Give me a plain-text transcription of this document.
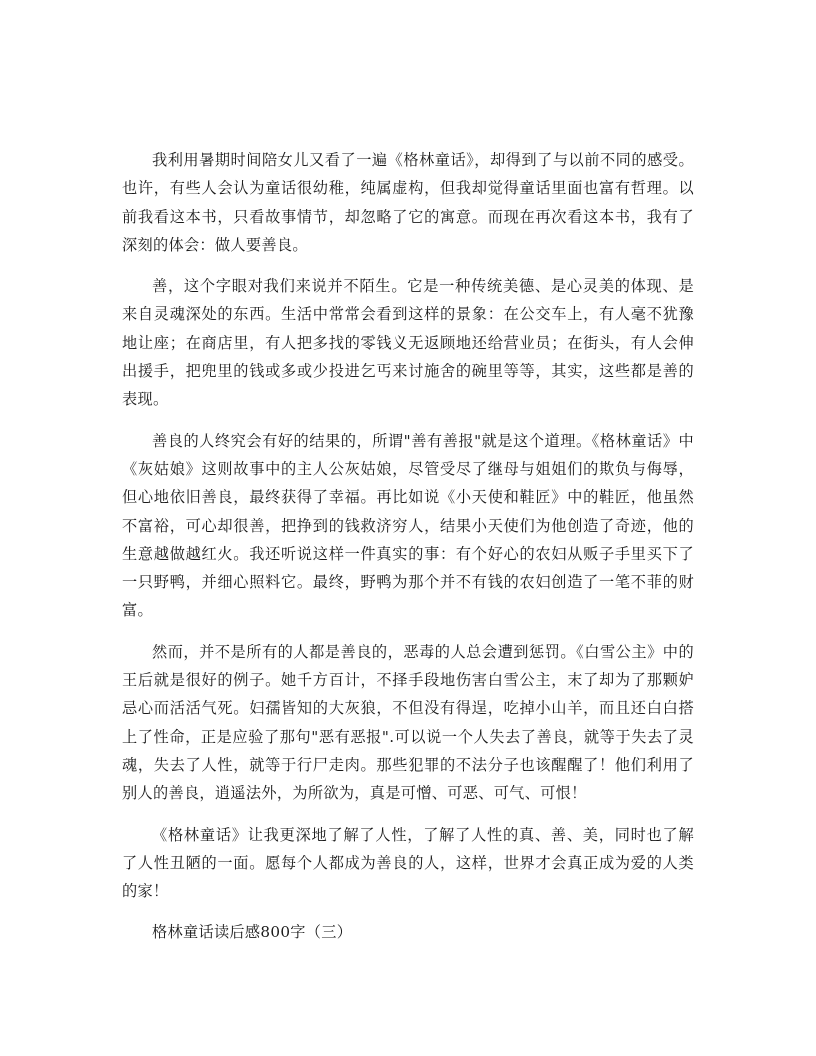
我利用暑期时间陪女儿又看了一遍《格林童话》，却得到了与以前不同的感受。也许，有些人会认为童话很幼稚，纯属虚构，但我却觉得童话里面也富有哲理。以前我看这本书，只看故事情节，却忽略了它的寓意。而现在再次看这本书，我有了深刻的体会：做人要善良。

善，这个字眼对我们来说并不陌生。它是一种传统美德、是心灵美的体现、是来自灵魂深处的东西。生活中常常会看到这样的景象：在公交车上，有人毫不犹豫地让座；在商店里，有人把多找的零钱义无返顾地还给营业员；在街头，有人会伸出援手，把兜里的钱或多或少投进乞丐来讨施舍的碗里等等，其实，这些都是善的表现。

善良的人终究会有好的结果的，所谓"善有善报"就是这个道理。《格林童话》中《灰姑娘》这则故事中的主人公灰姑娘，尽管受尽了继母与姐姐们的欺负与侮辱，但心地依旧善良，最终获得了幸福。再比如说《小天使和鞋匠》中的鞋匠，他虽然不富裕，可心却很善，把挣到的钱救济穷人，结果小天使们为他创造了奇迹，他的生意越做越红火。我还听说这样一件真实的事：有个好心的农妇从贩子手里买下了一只野鸭，并细心照料它。最终，野鸭为那个并不有钱的农妇创造了一笔不菲的财富。

然而，并不是所有的人都是善良的，恶毒的人总会遭到惩罚。《白雪公主》中的王后就是很好的例子。她千方百计，不择手段地伤害白雪公主，末了却为了那颗妒忌心而活活气死。妇孺皆知的大灰狼，不但没有得逞，吃掉小山羊，而且还白白搭上了性命，正是应验了那句"恶有恶报".可以说一个人失去了善良，就等于失去了灵魂，失去了人性，就等于行尸走肉。那些犯罪的不法分子也该醒醒了！他们利用了别人的善良，逍遥法外，为所欲为，真是可憎、可恶、可气、可恨！

《格林童话》让我更深地了解了人性，了解了人性的真、善、美，同时也了解了人性丑陋的一面。愿每个人都成为善良的人，这样，世界才会真正成为爱的人类的家！

格林童话读后感800字（三）
